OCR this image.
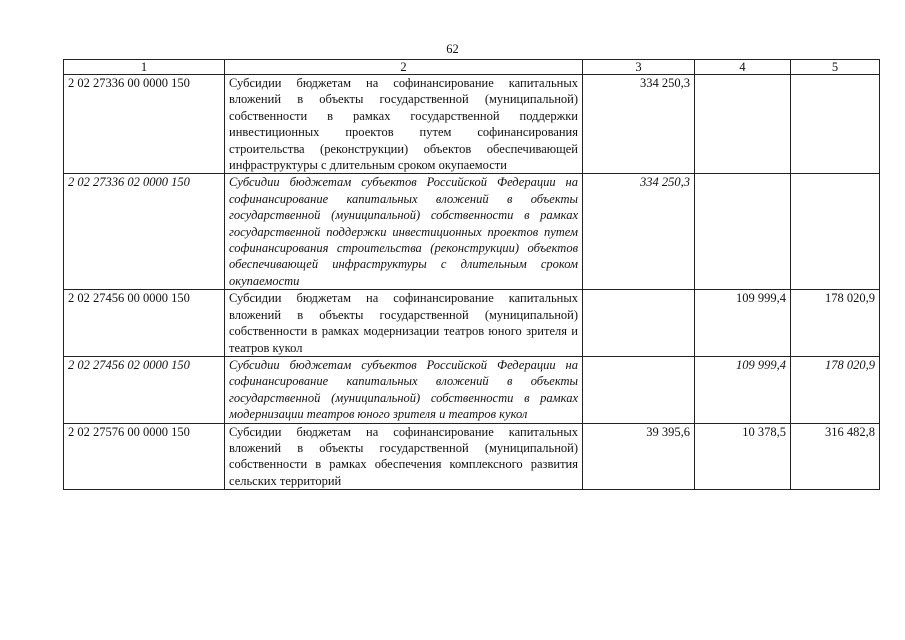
62
1	2	3	4	5
2 02 27336 00 0000 150	Субсидии бюджетам на софинансирование капитальных вложений в объекты государственной (муниципальной) собственности в рамках государственной поддержки инвестиционных проектов путем софинансирования строительства (реконструкции) объектов обеспечивающей инфраструктуры с длительным сроком окупаемости	334 250,3		
2 02 27336 02 0000 150	Субсидии бюджетам субъектов Российской Федерации на софинансирование капитальных вложений в объекты государственной (муниципальной) собственности в рамках государственной поддержки инвестиционных проектов путем софинансирования строительства (реконструкции) объектов обеспечивающей инфраструктуры с длительным сроком окупаемости	334 250,3		
2 02 27456 00 0000 150	Субсидии бюджетам на софинансирование капитальных вложений в объекты государственной (муниципальной) собственности в рамках модернизации театров юного зрителя и театров кукол		109 999,4	178 020,9
2 02 27456 02 0000 150	Субсидии бюджетам субъектов Российской Федерации на софинансирование капитальных вложений в объекты государственной (муниципальной) собственности в рамках модернизации театров юного зрителя и театров кукол		109 999,4	178 020,9
2 02 27576 00 0000 150	Субсидии бюджетам на софинансирование капитальных вложений в объекты государственной (муниципальной) собственности в рамках обеспечения комплексного развития сельских территорий	39 395,6	10 378,5	316 482,8
